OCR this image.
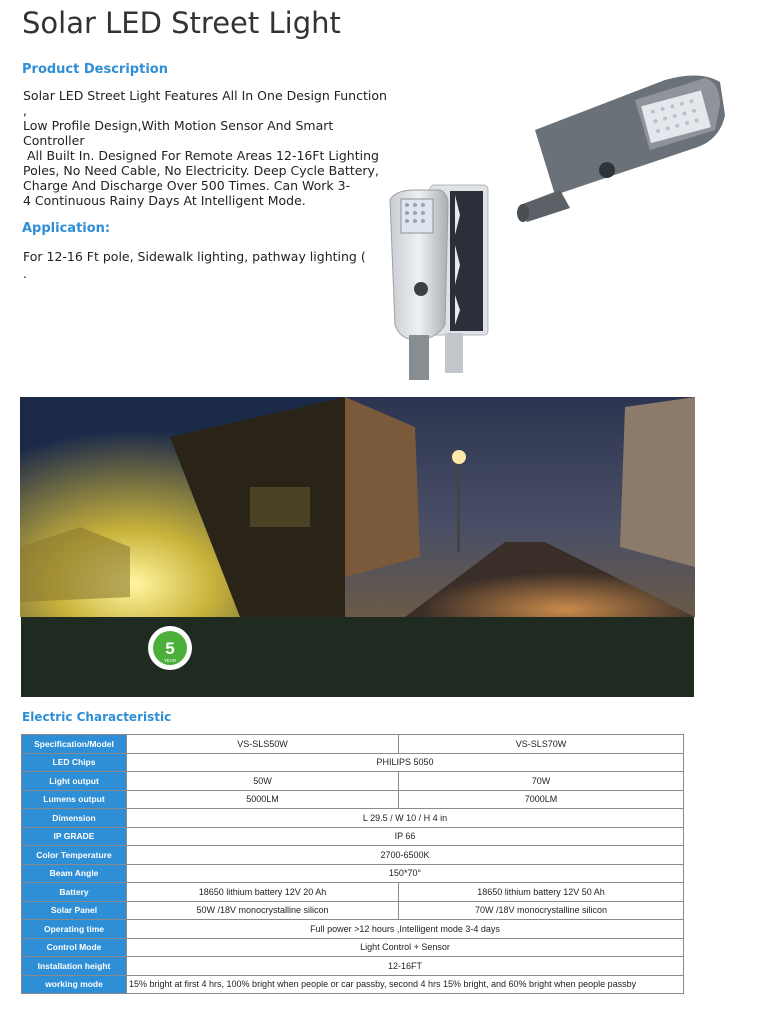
Solar LED Street Light
Product Description
Solar LED Street Light Features All In One Design Function ,
Low Profile Design,With Motion Sensor And Smart Controller
All Built In. Designed For Remote Areas 12-16Ft Lighting
Poles, No Need Cable, No Electricity. Deep Cycle Battery,
Charge And Discharge Over 500 Times. Can Work 3-
4 Continuous Rainy Days At Intelligent Mode.
Application:
For 12-16 Ft pole, Sidewalk lighting, pathway lighting (
.
5
YEAR
Electric Characteristic
Specification/Model	VS-SLS50W	VS-SLS70W
LED Chips	PHILIPS 5050	
Light output	50W	70W
Lumens output	5000LM	7000LM
Dimension	L 29.5 / W 10 / H 4 in	
IP GRADE	IP 66	
Color Temperature	2700-6500K	
Beam Angle	150*70°	
Battery	18650 lithium battery 12V 20 Ah	18650 lithium battery 12V 50 Ah
Solar Panel	50W /18V monocrystalline silicon	70W /18V monocrystalline silicon
Operating time	Full power >12 hours ,Intelligent mode 3-4 days	
Control Mode	Light Control + Sensor	
Installation height	12-16FT	
working mode	15% bright at first 4 hrs, 100% bright when people or car passby, second 4 hrs 15% bright, and 60% bright when people passby	
